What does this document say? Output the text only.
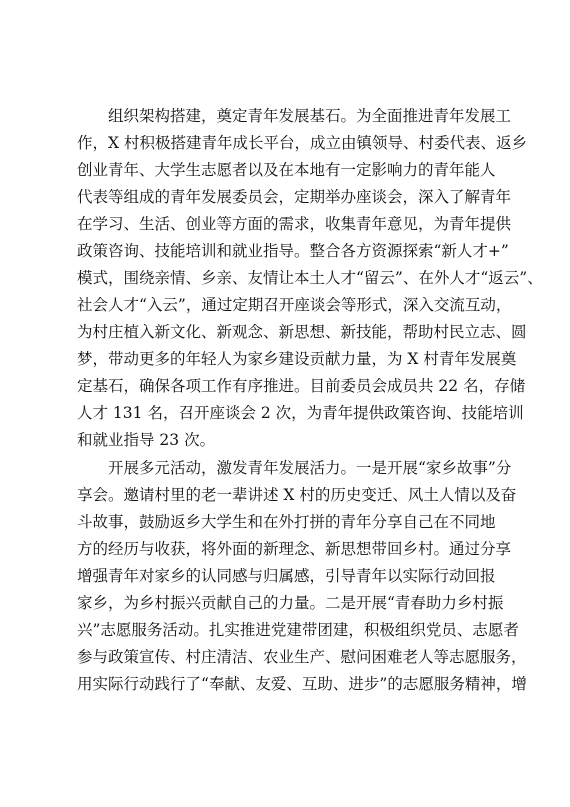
组织架构搭建，奠定青年发展基石。为全面推进青年发展工
作，X 村积极搭建青年成长平台，成立由镇领导、村委代表、返乡
创业青年、大学生志愿者以及在本地有一定影响力的青年能人
代表等组成的青年发展委员会，定期举办座谈会，深入了解青年
在学习、生活、创业等方面的需求，收集青年意见，为青年提供
政策咨询、技能培训和就业指导。整合各方资源探索“新人才+”
模式，围绕亲情、乡亲、友情让本土人才“留云”、在外人才“返云”、
社会人才“入云”，通过定期召开座谈会等形式，深入交流互动，
为村庄植入新文化、新观念、新思想、新技能，帮助村民立志、圆
梦，带动更多的年轻人为家乡建设贡献力量，为 X 村青年发展奠
定基石，确保各项工作有序推进。目前委员会成员共 22 名，存储
人才 131 名，召开座谈会 2 次，为青年提供政策咨询、技能培训
和就业指导 23 次。
开展多元活动，激发青年发展活力。一是开展“家乡故事”分
享会。邀请村里的老一辈讲述 X 村的历史变迁、风土人情以及奋
斗故事，鼓励返乡大学生和在外打拼的青年分享自己在不同地
方的经历与收获，将外面的新理念、新思想带回乡村。通过分享
增强青年对家乡的认同感与归属感，引导青年以实际行动回报
家乡，为乡村振兴贡献自己的力量。二是开展“青春助力乡村振
兴”志愿服务活动。扎实推进党建带团建，积极组织党员、志愿者
参与政策宣传、村庄清洁、农业生产、慰问困难老人等志愿服务，
用实际行动践行了“奉献、友爱、互助、进步”的志愿服务精神，增
